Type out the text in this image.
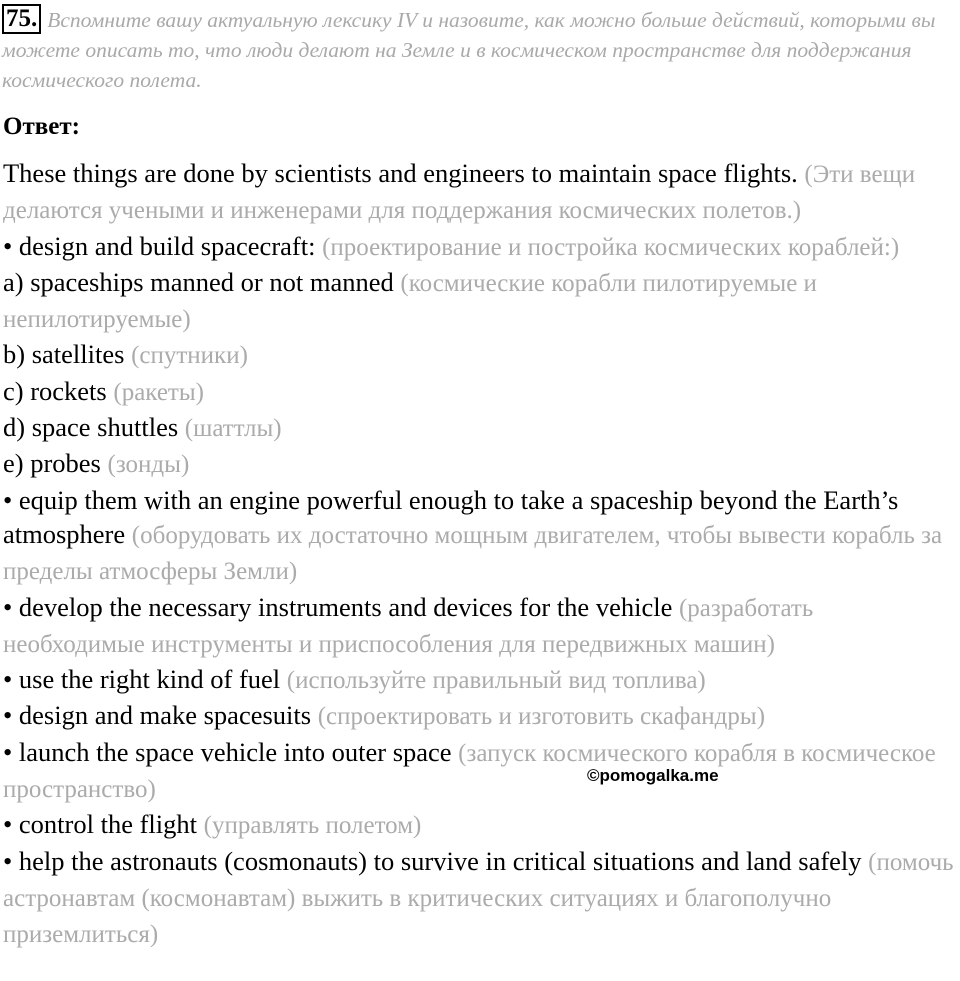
75. Вспомните вашу актуальную лексику IV и назовите, как можно больше действий, которыми вы можете описать то, что люди делают на Земле и в космическом пространстве для поддержания космического полета.
Ответ:

These things are done by scientists and engineers to maintain space flights. (Эти вещи делаются учеными и инженерами для поддержания космических полетов.)

• design and build spacecraft: (проектирование и постройка космических кораблей:)

a) spaceships manned or not manned (космические корабли пилотируемые и непилотируемые)

b) satellites (спутники)

c) rockets (ракеты)

d) space shuttles (шаттлы)

e) probes (зонды)

• equip them with an engine powerful enough to take a spaceship beyond the Earth’s atmosphere (оборудовать их достаточно мощным двигателем, чтобы вывести корабль за пределы атмосферы Земли)

• develop the necessary instruments and devices for the vehicle (разработать необходимые инструменты и приспособления для передвижных машин)

• use the right kind of fuel (используйте правильный вид топлива)

• design and make spacesuits (спроектировать и изготовить скафандры)

• launch the space vehicle into outer space (запуск космического корабля в космическое пространство)

• control the flight (управлять полетом)

• help the astronauts (cosmonauts) to survive in critical situations and land safely (помочь астронавтам (космонавтам) выжить в критических ситуациях и благополучно приземлиться)

©pomogalka.me
